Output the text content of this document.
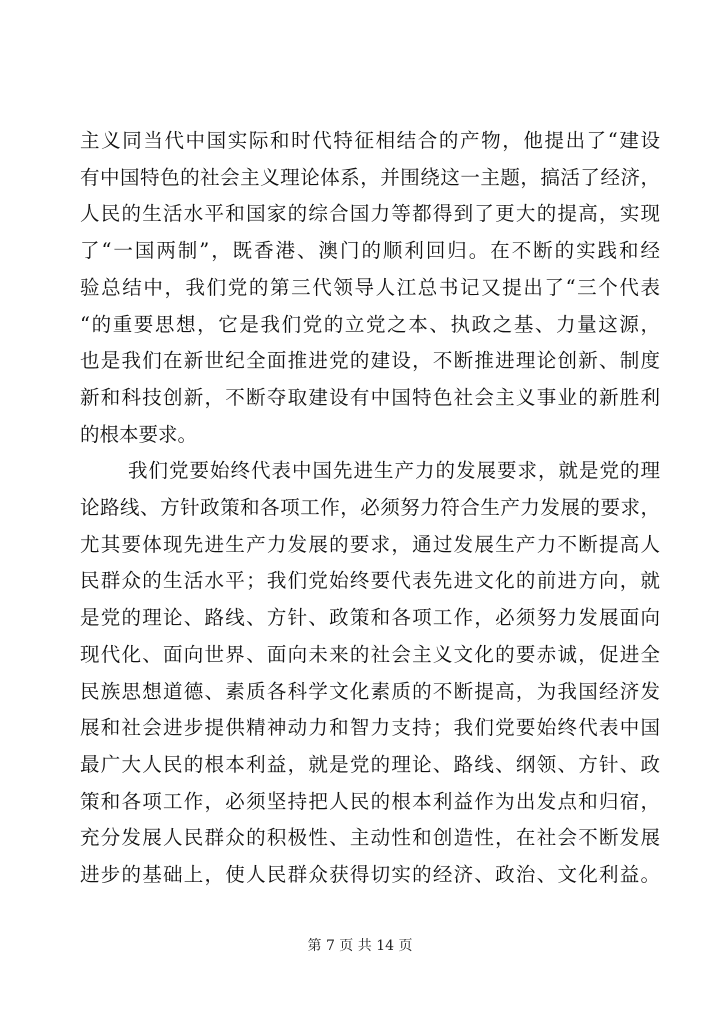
主义同当代中国实际和时代特征相结合的产物，他提出了“建设
有中国特色的社会主义理论体系，并围绕这一主题，搞活了经济，
人民的生活水平和国家的综合国力等都得到了更大的提高，实现
了“一国两制”，既香港、澳门的顺利回归。在不断的实践和经
验总结中，我们党的第三代领导人江总书记又提出了“三个代表
“的重要思想，它是我们党的立党之本、执政之基、力量这源，
也是我们在新世纪全面推进党的建设，不断推进理论创新、制度
新和科技创新，不断夺取建设有中国特色社会主义事业的新胜利
的根本要求。
我们党要始终代表中国先进生产力的发展要求，就是党的理
论路线、方针政策和各项工作，必须努力符合生产力发展的要求，
尤其要体现先进生产力发展的要求，通过发展生产力不断提高人
民群众的生活水平；我们党始终要代表先进文化的前进方向，就
是党的理论、路线、方针、政策和各项工作，必须努力发展面向
现代化、面向世界、面向未来的社会主义文化的要赤诚，促进全
民族思想道德、素质各科学文化素质的不断提高，为我国经济发
展和社会进步提供精神动力和智力支持；我们党要始终代表中国
最广大人民的根本利益，就是党的理论、路线、纲领、方针、政
策和各项工作，必须坚持把人民的根本利益作为出发点和归宿，
充分发展人民群众的积极性、主动性和创造性，在社会不断发展
进步的基础上，使人民群众获得切实的经济、政治、文化利益。
第 7 页 共 14 页
